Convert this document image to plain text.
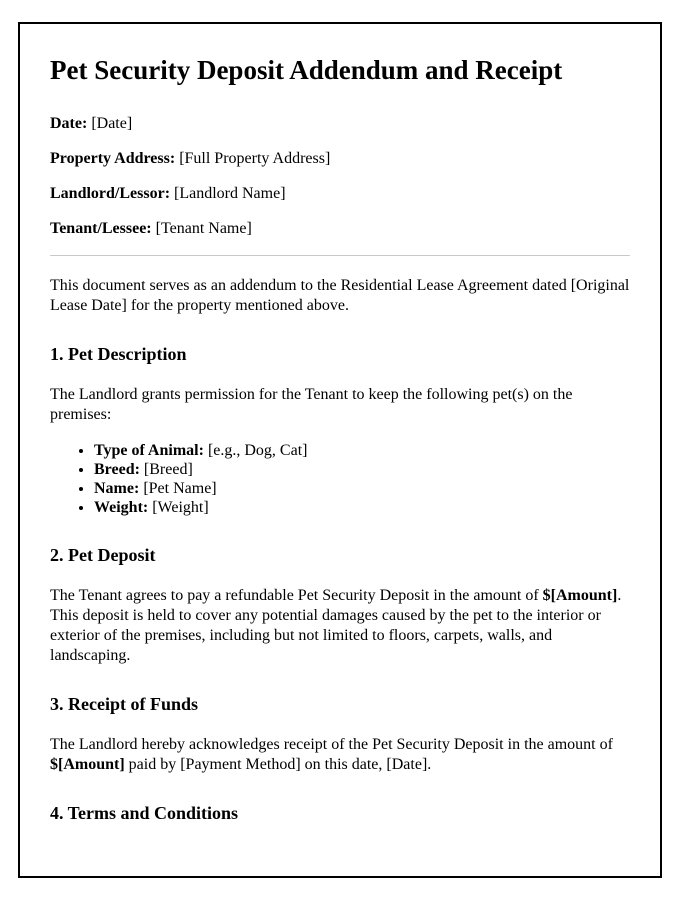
Pet Security Deposit Addendum and Receipt

Date: [Date]

Property Address: [Full Property Address]

Landlord/Lessor: [Landlord Name]

Tenant/Lessee: [Tenant Name]

This document serves as an addendum to the Residential Lease Agreement dated [Original Lease Date] for the property mentioned above.

1. Pet Description

The Landlord grants permission for the Tenant to keep the following pet(s) on the premises:

• Type of Animal: [e.g., Dog, Cat]
• Breed: [Breed]
• Name: [Pet Name]
• Weight: [Weight]
2. Pet Deposit

The Tenant agrees to pay a refundable Pet Security Deposit in the amount of $[Amount]. This deposit is held to cover any potential damages caused by the pet to the interior or exterior of the premises, including but not limited to floors, carpets, walls, and landscaping.

3. Receipt of Funds

The Landlord hereby acknowledges receipt of the Pet Security Deposit in the amount of $[Amount] paid by [Payment Method] on this date, [Date].

4. Terms and Conditions
